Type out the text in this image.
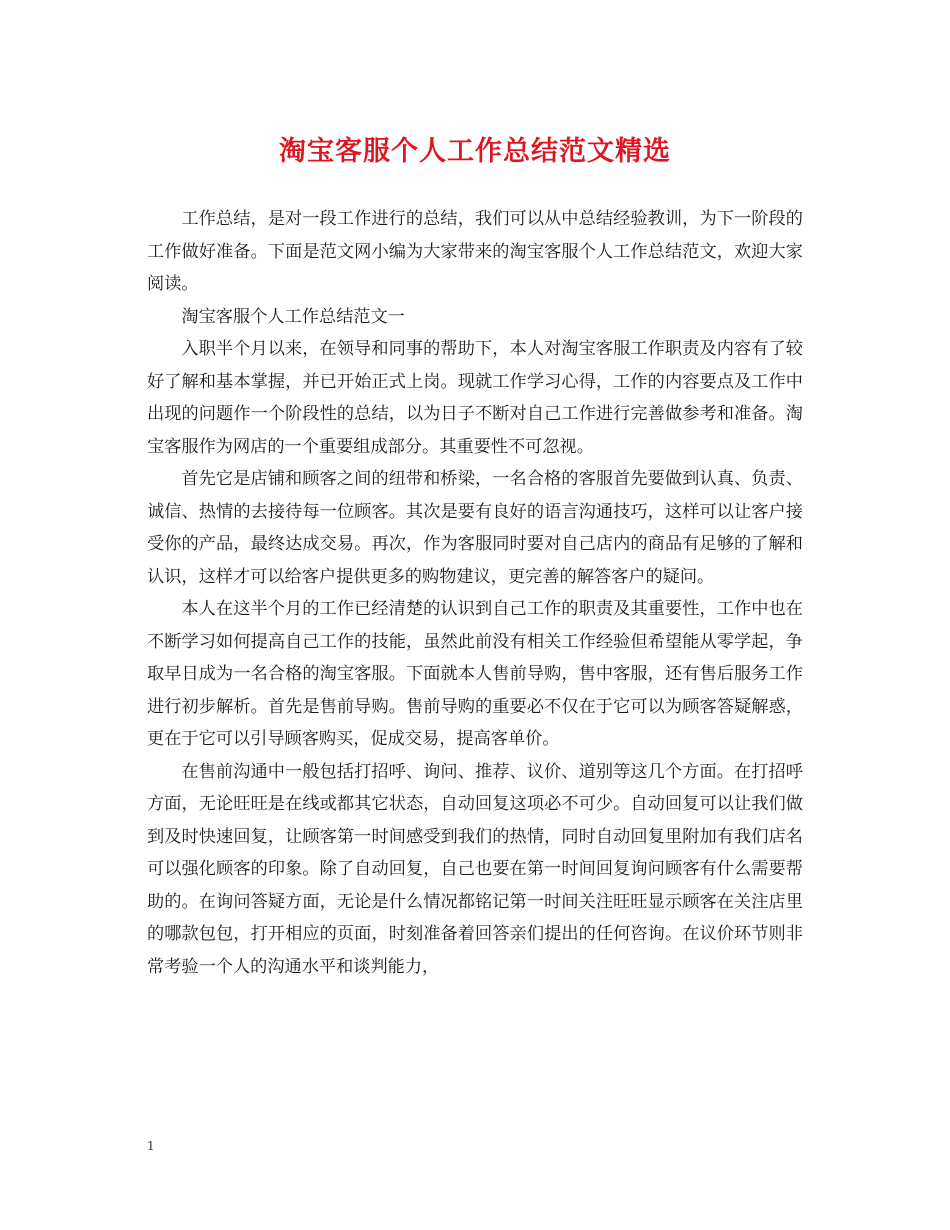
淘宝客服个人工作总结范文精选

工作总结，是对一段工作进行的总结，我们可以从中总结经验教训，为下一阶段的工作做好准备。下面是范文网小编为大家带来的淘宝客服个人工作总结范文，欢迎大家阅读。

淘宝客服个人工作总结范文一

入职半个月以来，在领导和同事的帮助下，本人对淘宝客服工作职责及内容有了较好了解和基本掌握，并已开始正式上岗。现就工作学习心得，工作的内容要点及工作中出现的问题作一个阶段性的总结，以为日子不断对自己工作进行完善做参考和准备。淘宝客服作为网店的一个重要组成部分。其重要性不可忽视。

首先它是店铺和顾客之间的纽带和桥梁，一名合格的客服首先要做到认真、负责、诚信、热情的去接待每一位顾客。其次是要有良好的语言沟通技巧，这样可以让客户接受你的产品，最终达成交易。再次，作为客服同时要对自己店内的商品有足够的了解和认识，这样才可以给客户提供更多的购物建议，更完善的解答客户的疑问。

本人在这半个月的工作已经清楚的认识到自己工作的职责及其重要性，工作中也在不断学习如何提高自己工作的技能，虽然此前没有相关工作经验但希望能从零学起，争取早日成为一名合格的淘宝客服。下面就本人售前导购，售中客服，还有售后服务工作进行初步解析。首先是售前导购。售前导购的重要必不仅在于它可以为顾客答疑解惑，更在于它可以引导顾客购买，促成交易，提高客单价。

在售前沟通中一般包括打招呼、询问、推荐、议价、道别等这几个方面。在打招呼方面，无论旺旺是在线或都其它状态，自动回复这项必不可少。自动回复可以让我们做到及时快速回复，让顾客第一时间感受到我们的热情，同时自动回复里附加有我们店名可以强化顾客的印象。除了自动回复，自己也要在第一时间回复询问顾客有什么需要帮助的。在询问答疑方面，无论是什么情况都铭记第一时间关注旺旺显示顾客在关注店里的哪款包包，打开相应的页面，时刻准备着回答亲们提出的任何咨询。在议价环节则非常考验一个人的沟通水平和谈判能力，

1
